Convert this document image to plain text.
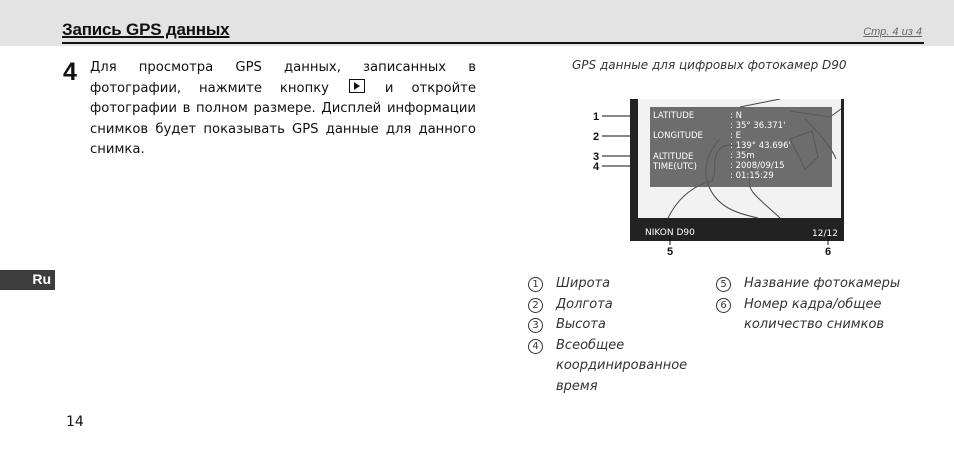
Запись GPS данных	Стр. 4 из 4
4 Для просмотра GPS данных, записанных в фотографии, нажмите кнопку	и откройте фотографии в полном размере. Дисплей информации снимков будет показывать GPS данные для данного снимка.
Ru
14
GPS данные для цифровых фотокамер D90
1
2
3
4
LATITUDE	: N
: 35° 36.371'
LONGITUDE	: E
: 139° 43.696'
ALTITUDE	: 35m
TIME(UTC)	: 2008/09/15
: 01:15:29
NIKON D90	12/12
5	6
1	Широта
2	Долгота
3	Высота
4	Всеобщее координированное время
5	Название фотокамеры
6	Номер кадра/общее количество снимков
